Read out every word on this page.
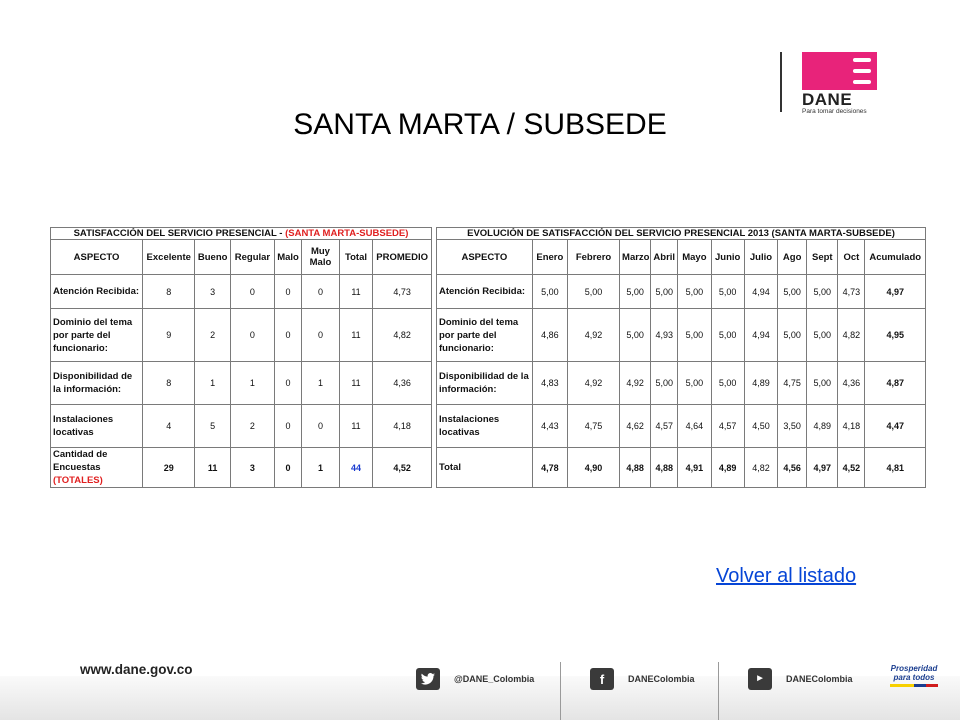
DANE
Para tomar decisiones
SANTA MARTA / SUBSEDE
SATISFACCIÓN DEL SERVICIO PRESENCIAL - (SANTA MARTA-SUBSEDE)							
ASPECTO	Excelente	Bueno	Regular	Malo	Muy Malo	Total	PROMEDIO
Atención Recibida:	8	3	0	0	0	11	4,73
Dominio del tema por parte del funcionario:	9	2	0	0	0	11	4,82
Disponibilidad de la información:	8	1	1	0	1	11	4,36
Instalaciones locativas	4	5	2	0	0	11	4,18
Cantidad de Encuestas (TOTALES)	29	11	3	0	1	44	4,52
EVOLUCIÓN DE SATISFACCIÓN DEL SERVICIO PRESENCIAL 2013 (SANTA MARTA-SUBSEDE)											
ASPECTO	Enero	Febrero	Marzo	Abril	Mayo	Junio	Julio	Ago	Sept	Oct	Acumulado
Atención Recibida:	5,00	5,00	5,00	5,00	5,00	5,00	4,94	5,00	5,00	4,73	4,97
Dominio del tema por parte del funcionario:	4,86	4,92	5,00	4,93	5,00	5,00	4,94	5,00	5,00	4,82	4,95
Disponibilidad de la información:	4,83	4,92	4,92	5,00	5,00	5,00	4,89	4,75	5,00	4,36	4,87
Instalaciones locativas	4,43	4,75	4,62	4,57	4,64	4,57	4,50	3,50	4,89	4,18	4,47
Total	4,78	4,90	4,88	4,88	4,91	4,89	4,82	4,56	4,97	4,52	4,81
Volver al listado
www.dane.gov.co
@DANE_Colombia	f	DANEColombia	▶	DANEColombia
Prosperidad para todos
